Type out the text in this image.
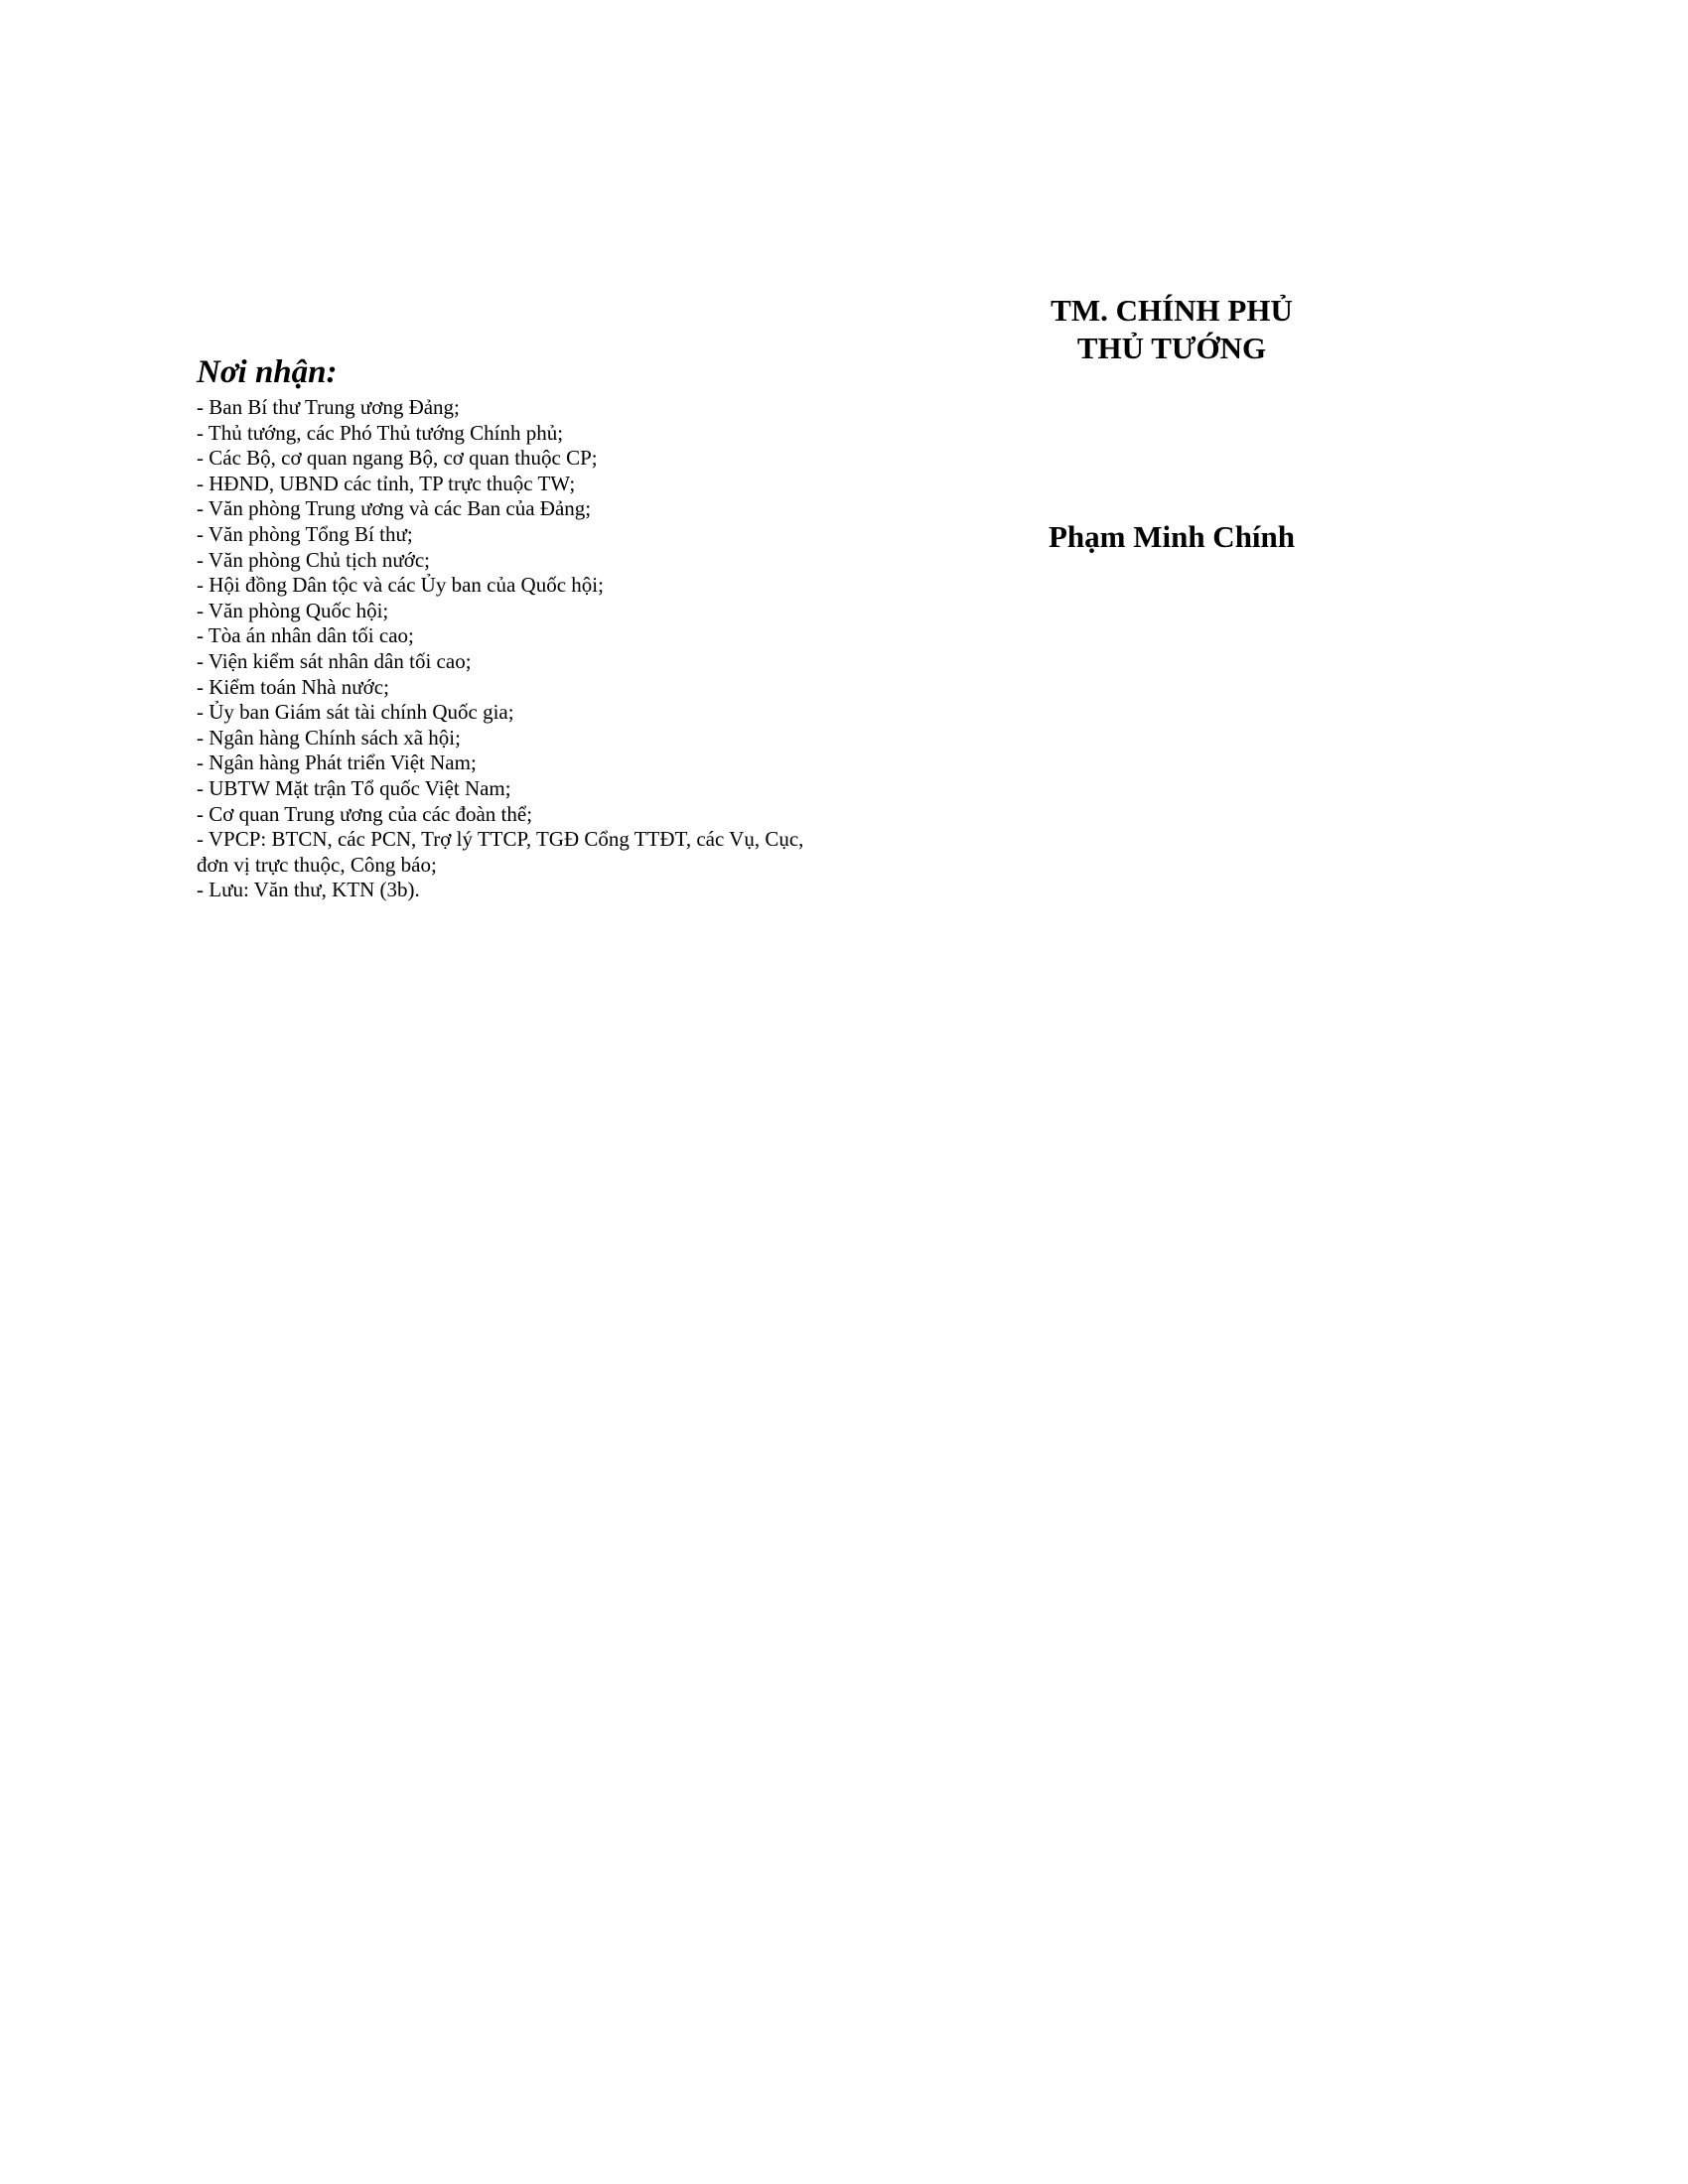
Nơi nhận:
- Ban Bí thư Trung ương Đảng;
- Thủ tướng, các Phó Thủ tướng Chính phủ;
- Các Bộ, cơ quan ngang Bộ, cơ quan thuộc CP;
- HĐND, UBND các tỉnh, TP trực thuộc TW;
- Văn phòng Trung ương và các Ban của Đảng;
- Văn phòng Tổng Bí thư;
- Văn phòng Chủ tịch nước;
- Hội đồng Dân tộc và các Ủy ban của Quốc hội;
- Văn phòng Quốc hội;
- Tòa án nhân dân tối cao;
- Viện kiểm sát nhân dân tối cao;
- Kiểm toán Nhà nước;
- Ủy ban Giám sát tài chính Quốc gia;
- Ngân hàng Chính sách xã hội;
- Ngân hàng Phát triển Việt Nam;
- UBTW Mặt trận Tổ quốc Việt Nam;
- Cơ quan Trung ương của các đoàn thể;
- VPCP: BTCN, các PCN, Trợ lý TTCP, TGĐ Cổng TTĐT, các Vụ, Cục,
đơn vị trực thuộc, Công báo;
- Lưu: Văn thư, KTN (3b).
TM. CHÍNH PHỦ
THỦ TƯỚNG
Phạm Minh Chính
